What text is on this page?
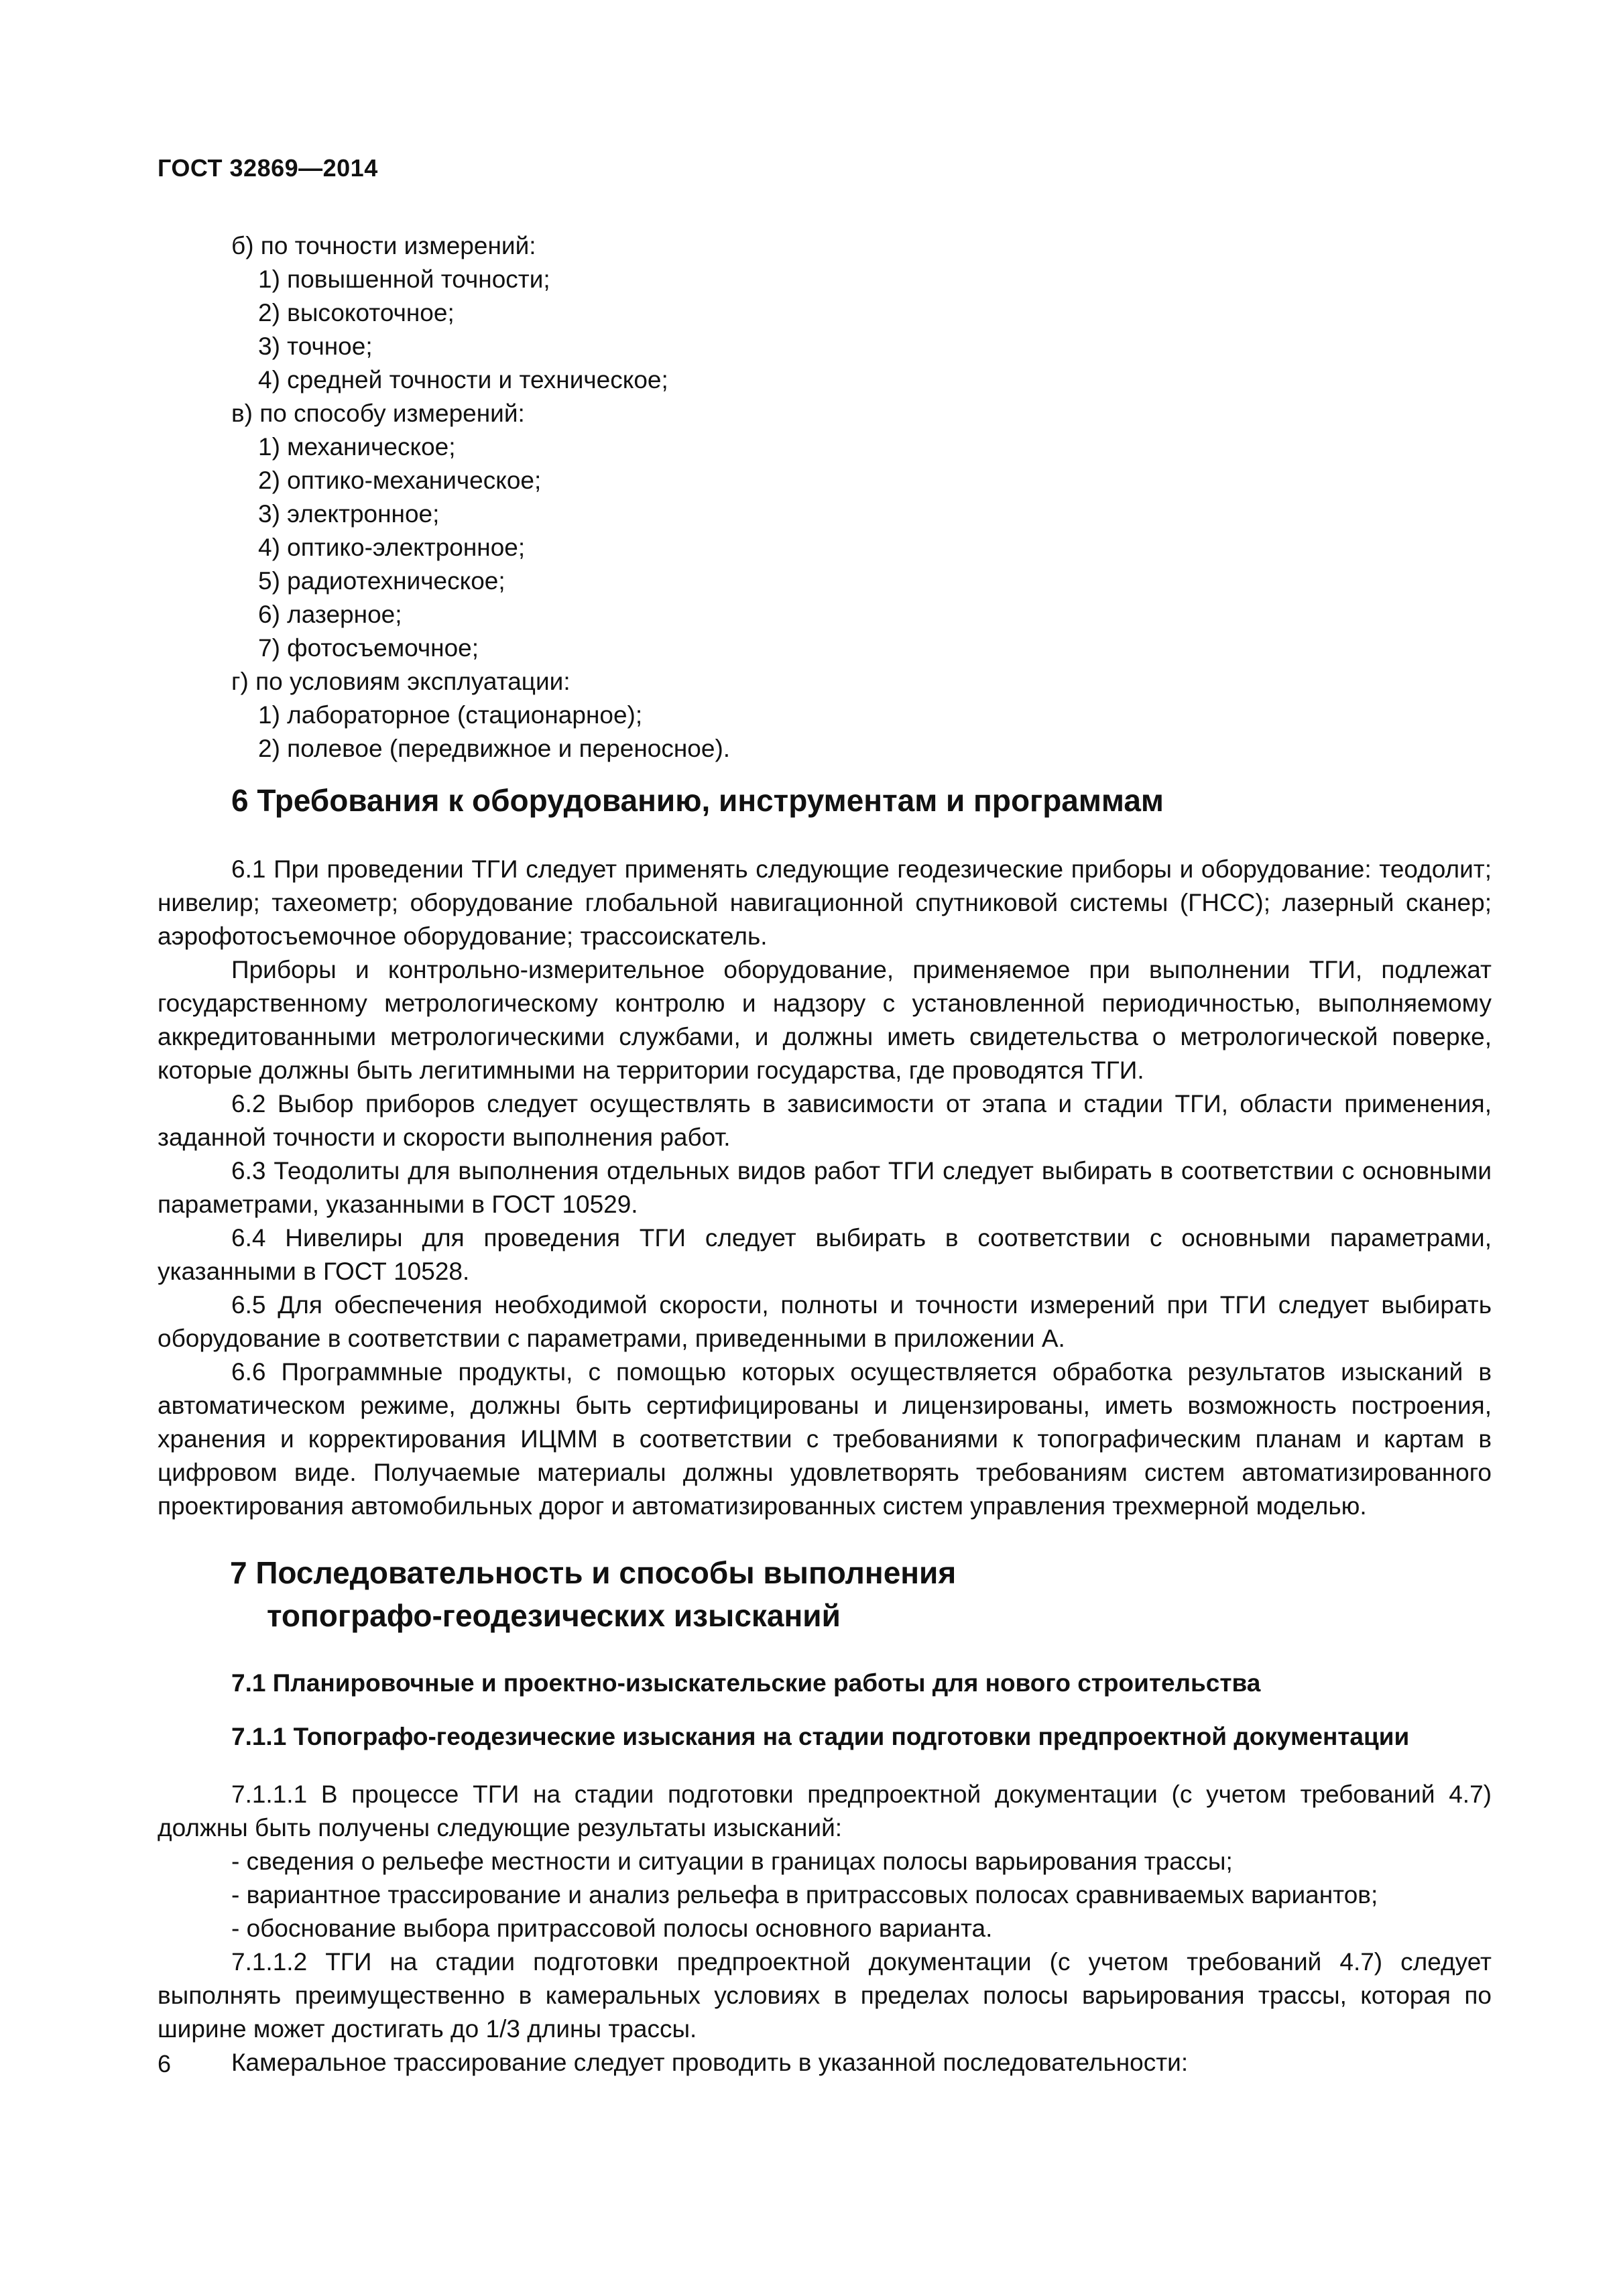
ГОСТ 32869—2014
б) по точности измерений:
1) повышенной точности;
2) высокоточное;
3) точное;
4) средней точности и техническое;
в) по способу измерений:
1) механическое;
2) оптико-механическое;
3) электронное;
4) оптико-электронное;
5) радиотехническое;
6) лазерное;
7) фотосъемочное;
г) по условиям эксплуатации:
1) лабораторное (стационарное);
2) полевое (передвижное и переносное).
6 Требования к оборудованию, инструментам и программам
6.1 При проведении ТГИ следует применять следующие геодезические приборы и оборудование: теодолит; нивелир; тахеометр; оборудование глобальной навигационной спутниковой системы (ГНСС); лазерный сканер; аэрофотосъемочное оборудование; трассоискатель.
Приборы и контрольно-измерительное оборудование, применяемое при выполнении ТГИ, подлежат государственному метрологическому контролю и надзору с установленной периодичностью, выполняемому аккредитованными метрологическими службами, и должны иметь свидетельства о метрологической поверке, которые должны быть легитимными на территории государства, где проводятся ТГИ.
6.2 Выбор приборов следует осуществлять в зависимости от этапа и стадии ТГИ, области применения, заданной точности и скорости выполнения работ.
6.3 Теодолиты для выполнения отдельных видов работ ТГИ следует выбирать в соответствии с основными параметрами, указанными в ГОСТ 10529.
6.4 Нивелиры для проведения ТГИ следует выбирать в соответствии с основными параметрами, указанными в ГОСТ 10528.
6.5 Для обеспечения необходимой скорости, полноты и точности измерений при ТГИ следует выбирать оборудование в соответствии с параметрами, приведенными в приложении А.
6.6 Программные продукты, с помощью которых осуществляется обработка результатов изысканий в автоматическом режиме, должны быть сертифицированы и лицензированы, иметь возможность построения, хранения и корректирования ИЦММ в соответствии с требованиями к топографическим планам и картам в цифровом виде. Получаемые материалы должны удовлетворять требованиям систем автоматизированного проектирования автомобильных дорог и автоматизированных систем управления трехмерной моделью.
7 Последовательность и способы выполнения
топографо-геодезических изысканий
7.1 Планировочные и проектно-изыскательские работы для нового строительства
7.1.1 Топографо-геодезические изыскания на стадии подготовки предпроектной документации
7.1.1.1 В процессе ТГИ на стадии подготовки предпроектной документации (с учетом требований 4.7) должны быть получены следующие результаты изысканий:
- сведения о рельефе местности и ситуации в границах полосы варьирования трассы;
- вариантное трассирование и анализ рельефа в притрассовых полосах сравниваемых вариантов;
- обоснование выбора притрассовой полосы основного варианта.
7.1.1.2 ТГИ на стадии подготовки предпроектной документации (с учетом требований 4.7) следует выполнять преимущественно в камеральных условиях в пределах полосы варьирования трассы, которая по ширине может достигать до 1/3 длины трассы.
Камеральное трассирование следует проводить в указанной последовательности:
6
